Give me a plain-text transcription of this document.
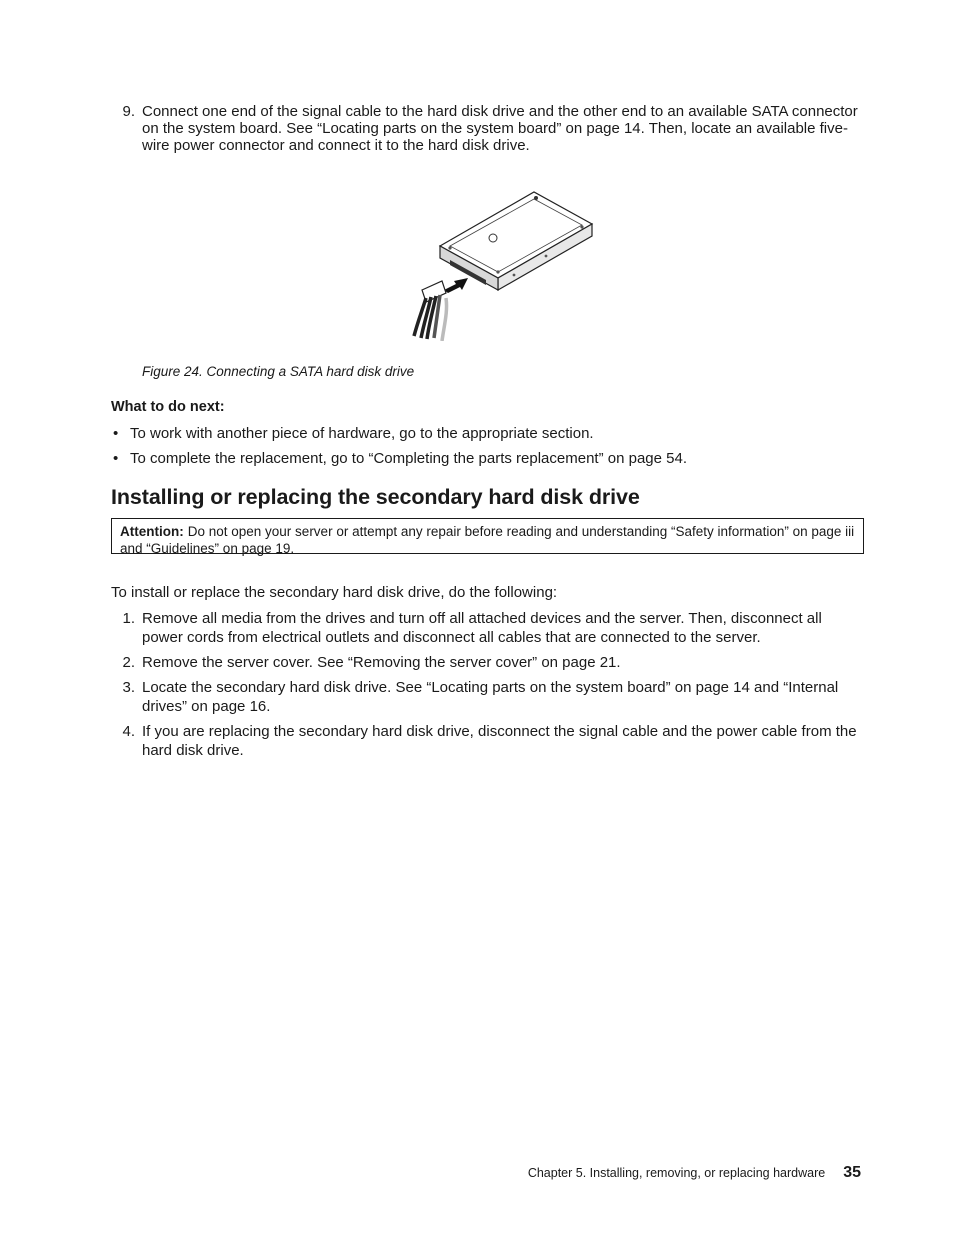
9. Connect one end of the signal cable to the hard disk drive and the other end to an available SATA connector on the system board. See “Locating parts on the system board” on page 14. Then, locate an available five-wire power connector and connect it to the hard disk drive.
Figure 24. Connecting a SATA hard disk drive
What to do next:
• To work with another piece of hardware, go to the appropriate section.
• To complete the replacement, go to “Completing the parts replacement” on page 54.
Installing or replacing the secondary hard disk drive
Attention: Do not open your server or attempt any repair before reading and understanding “Safety information” on page iii and “Guidelines” on page 19.
To install or replace the secondary hard disk drive, do the following:
1. Remove all media from the drives and turn off all attached devices and the server. Then, disconnect all power cords from electrical outlets and disconnect all cables that are connected to the server.
2. Remove the server cover. See “Removing the server cover” on page 21.
3. Locate the secondary hard disk drive. See “Locating parts on the system board” on page 14 and “Internal drives” on page 16.
4. If you are replacing the secondary hard disk drive, disconnect the signal cable and the power cable from the hard disk drive.
Chapter 5. Installing, removing, or replacing hardware 35
